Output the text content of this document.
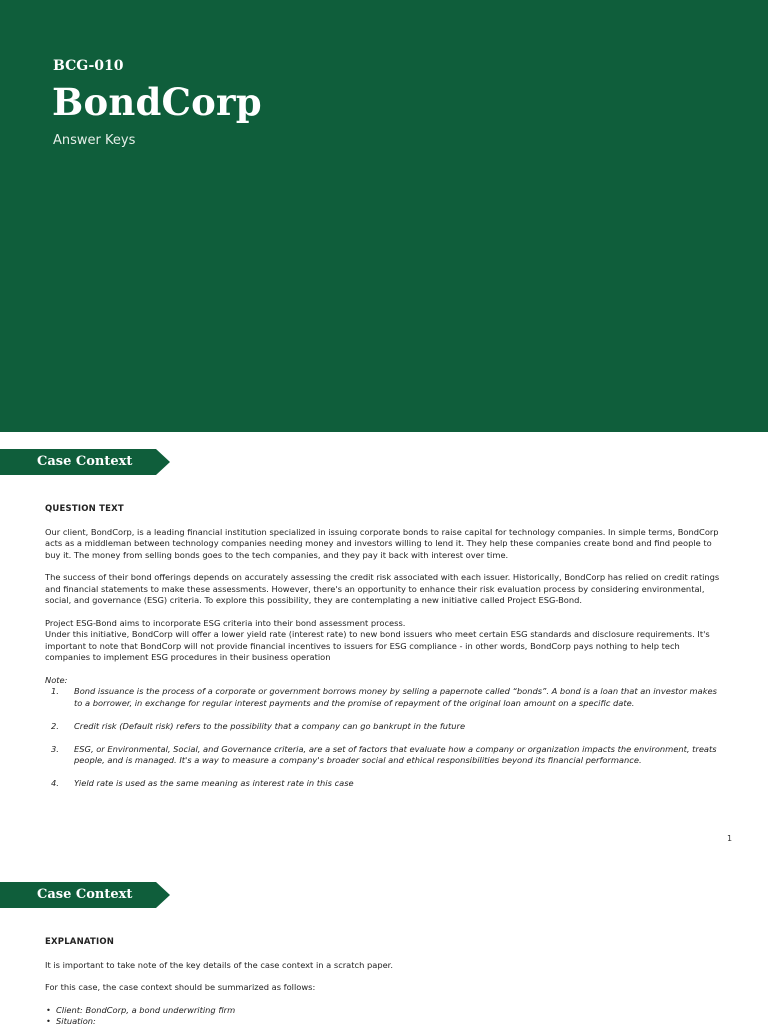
BCG-010
BondCorp
Answer Keys
Case Context

QUESTION TEXT

Our client, BondCorp, is a leading financial institution specialized in issuing corporate bonds to raise capital for technology companies. In simple terms, BondCorp acts as a middleman between technology companies needing money and investors willing to lend it. They help these companies create bond and find people to buy it. The money from selling bonds goes to the tech companies, and they pay it back with interest over time.

The success of their bond offerings depends on accurately assessing the credit risk associated with each issuer. Historically, BondCorp has relied on credit ratings and financial statements to make these assessments. However, there's an opportunity to enhance their risk evaluation process by considering environmental, social, and governance (ESG) criteria. To explore this possibility, they are contemplating a new initiative called Project ESG-Bond.

Project ESG-Bond aims to incorporate ESG criteria into their bond assessment process.

Under this initiative, BondCorp will offer a lower yield rate (interest rate) to new bond issuers who meet certain ESG standards and disclosure requirements. It's important to note that BondCorp will not provide financial incentives to issuers for ESG compliance - in other words, BondCorp pays nothing to help tech companies to implement ESG procedures in their business operation

Note:

1. Bond issuance is the process of a corporate or government borrows money by selling a papernote called “bonds”. A bond is a loan that an investor makes to a borrower, in exchange for regular interest payments and the promise of repayment of the original loan amount on a specific date.
2. Credit risk (Default risk) refers to the possibility that a company can go bankrupt in the future
3. ESG, or Environmental, Social, and Governance criteria, are a set of factors that evaluate how a company or organization impacts the environment, treats people, and is managed. It's a way to measure a company's broader social and ethical responsibilities beyond its financial performance.
4. Yield rate is used as the same meaning as interest rate in this case
1
Case Context

EXPLANATION

It is important to take note of the key details of the case context in a scratch paper.

For this case, the case context should be summarized as follows:

• Client: BondCorp, a bond underwriting firm
• Situation:
